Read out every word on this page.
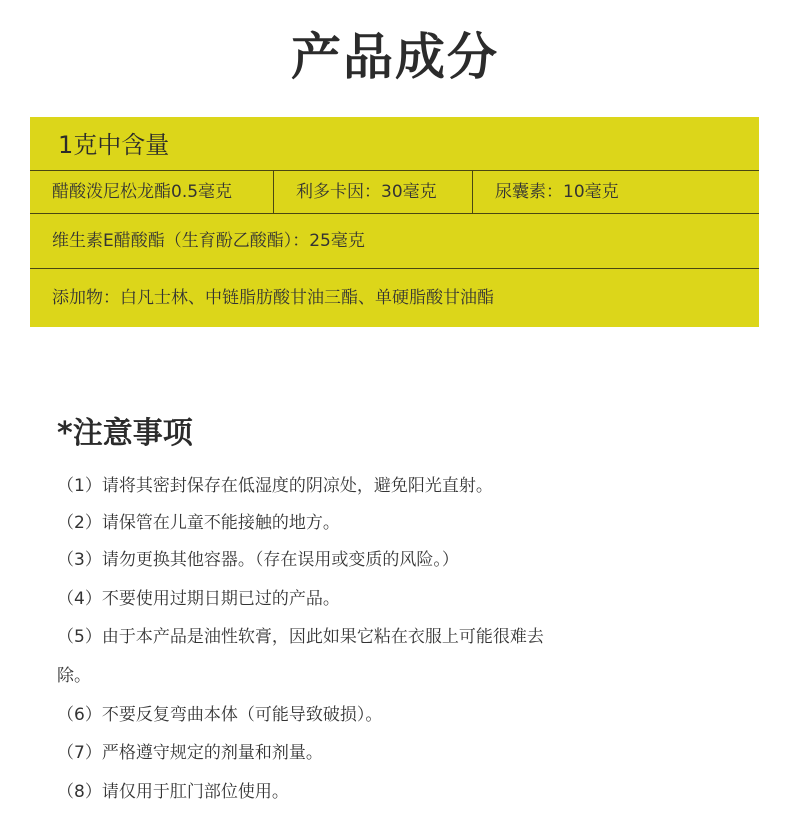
产品成分
1克中含量
醋酸泼尼松龙酯0.5毫克	利多卡因：30毫克	尿囊素：10毫克
维生素E醋酸酯（生育酚乙酸酯）：25毫克
添加物：白凡士林、中链脂肪酸甘油三酯、单硬脂酸甘油酯
*注意事项
（1）请将其密封保存在低湿度的阴凉处，避免阳光直射。
（2）请保管在儿童不能接触的地方。
（3）请勿更换其他容器。（存在误用或变质的风险。）
（4）不要使用过期日期已过的产品。
（5）由于本产品是油性软膏，因此如果它粘在衣服上可能很难去
除。
（6）不要反复弯曲本体（可能导致破损）。
（7）严格遵守规定的剂量和剂量。
（8）请仅用于肛门部位使用。
